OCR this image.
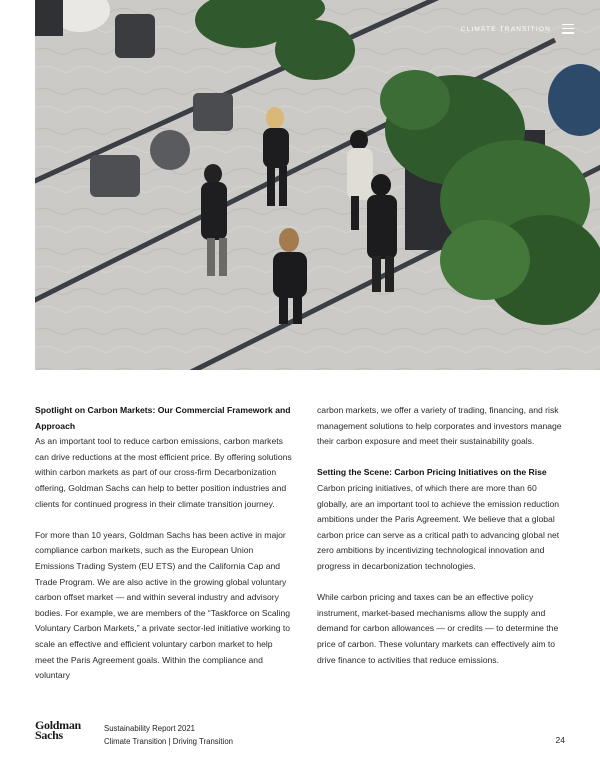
CLIMATE TRANSITION
Spotlight on Carbon Markets: Our Commercial Framework and Approach

As an important tool to reduce carbon emissions, carbon markets can drive reductions at the most efficient price. By offering solutions within carbon markets as part of our cross-firm Decarbonization offering, Goldman Sachs can help to better position industries and clients for continued progress in their climate transition journey.

For more than 10 years, Goldman Sachs has been active in major compliance carbon markets, such as the European Union Emissions Trading System (EU ETS) and the California Cap and Trade Program. We are also active in the growing global voluntary carbon offset market — and within several industry and advisory bodies. For example, we are members of the “Taskforce on Scaling Voluntary Carbon Markets,” a private sector-led initiative working to scale an effective and efficient voluntary carbon market to help meet the Paris Agreement goals. Within the compliance and voluntary

carbon markets, we offer a variety of trading, financing, and risk management solutions to help corporates and investors manage their carbon exposure and meet their sustainability goals.

Setting the Scene: Carbon Pricing Initiatives on the Rise

Carbon pricing initiatives, of which there are more than 60 globally, are an important tool to achieve the emission reduction ambitions under the Paris Agreement. We believe that a global carbon price can serve as a critical path to advancing global net zero ambitions by incentivizing technological innovation and progress in decarbonization technologies.

While carbon pricing and taxes can be an effective policy instrument, market-based mechanisms allow the supply and demand for carbon allowances — or credits — to determine the price of carbon. These voluntary markets can effectively aim to drive finance to activities that reduce emissions.

Goldman
Sachs	Sustainability Report 2021
Climate Transition | Driving Transition	24
